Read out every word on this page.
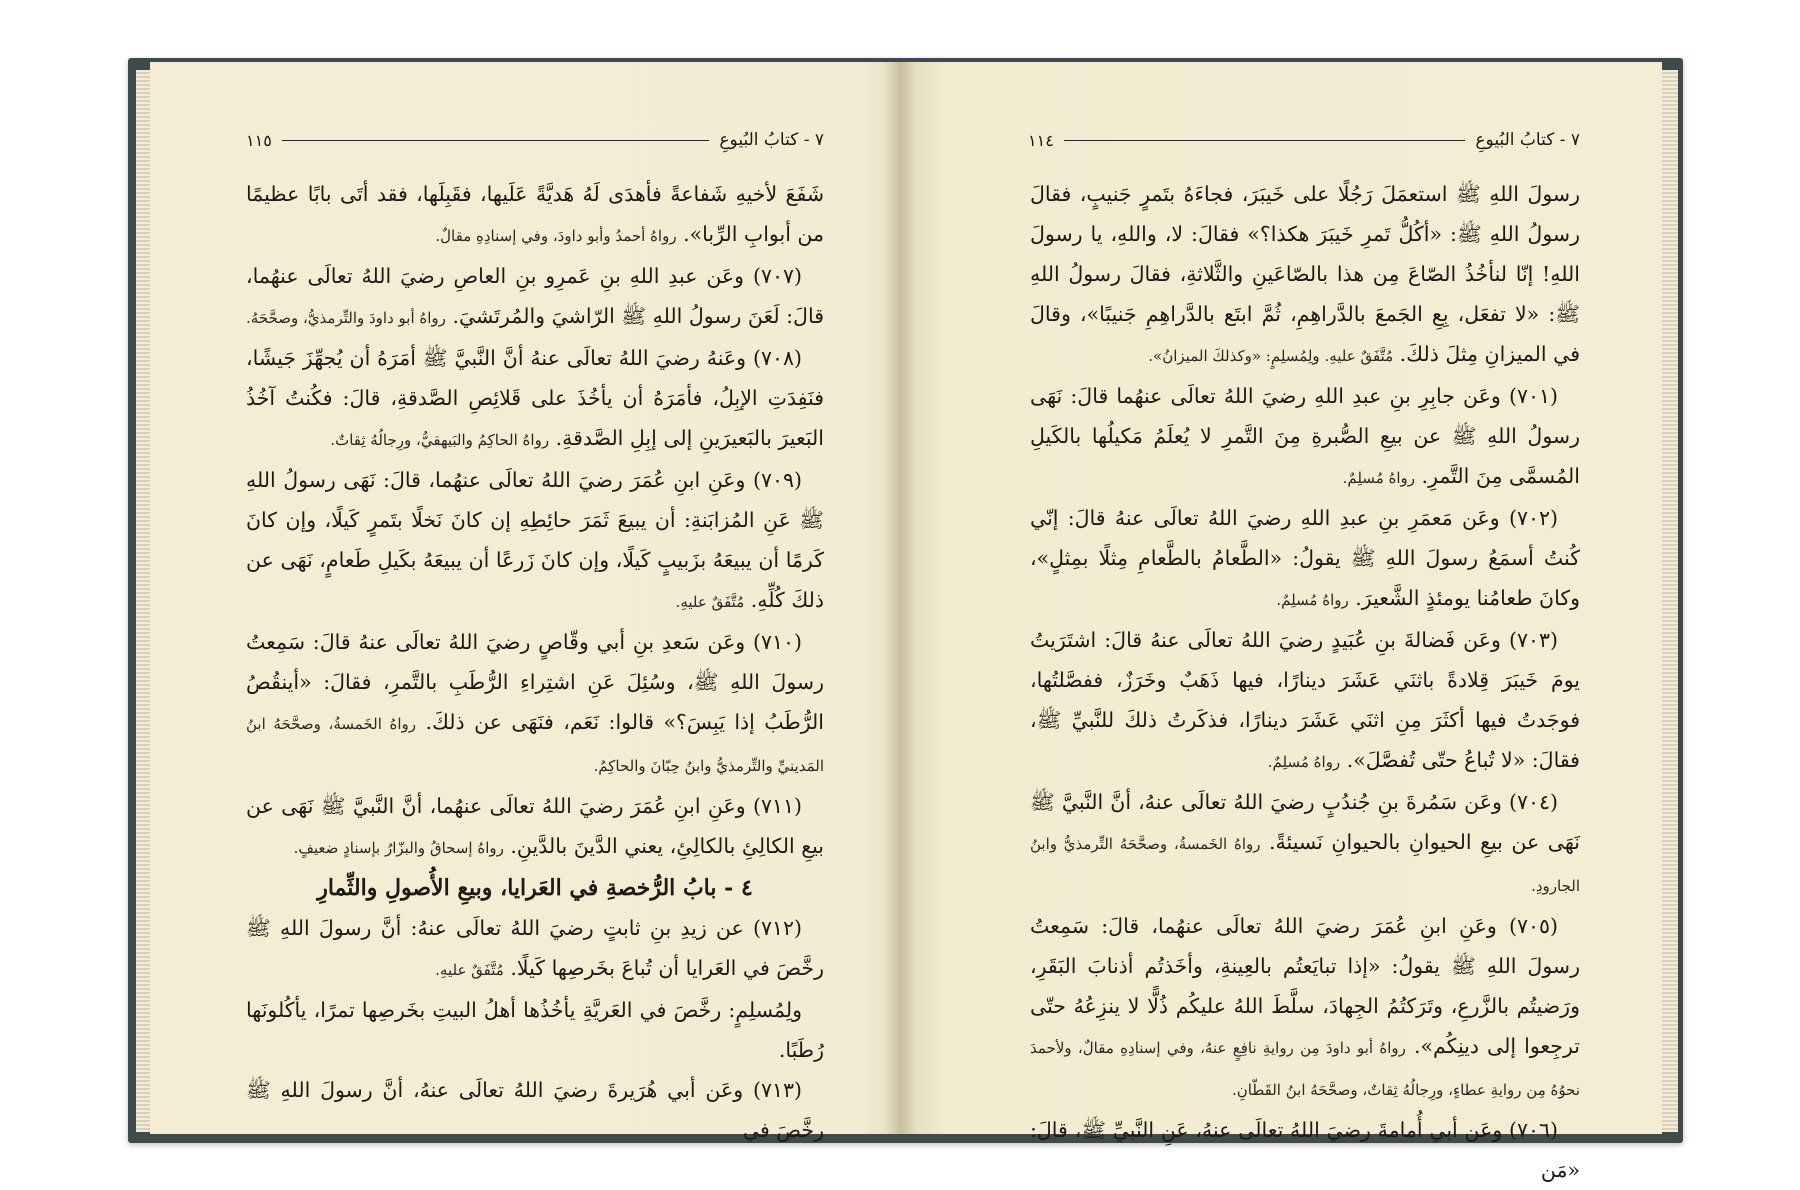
٧ - كتابُ البُيوعِ
١١٥

شَفَعَ لأخيهِ شَفاعةً فأهدَى لَهُ هَديَّةً عَلَيها، فقَبِلَها، فقد أتَى بابًا عظيمًا من أبوابِ الرِّبا». رواهُ أحمدُ وأبو داودَ، وفي إسنادِهِ مقالٌ.

(٧٠٧) وعَن عبدِ اللهِ بنِ عَمرِو بنِ العاصِ رضيَ اللهُ تعالَى عنهُما، قالَ: لَعَنَ رسولُ اللهِ ﷺ الرّاشيَ والمُرتَشيَ. رواهُ أبو داودَ والتِّرمذيُّ، وصحَّحَهُ.

(٧٠٨) وعَنهُ رضيَ اللهُ تعالَى عنهُ أنَّ النَّبيَّ ﷺ أمَرَهُ أن يُجهِّزَ جَيشًا، فنَفِدَتِ الإبِلُ، فأمَرَهُ أن يأخُذَ على قَلائِصِ الصَّدقةِ، قالَ: فكُنتُ آخُذُ البَعيرَ بالبَعيرَينِ إلى إبِلِ الصَّدقةِ. رواهُ الحاكِمُ والبَيهقيُّ، ورِجالُهُ ثِقاتٌ.

(٧٠٩) وعَنِ ابنِ عُمَرَ رضيَ اللهُ تعالَى عنهُما، قالَ: نَهَى رسولُ اللهِ ﷺ عَنِ المُزابَنةِ: أن يبيعَ ثَمَرَ حائِطِهِ إن كانَ نَخلًا بتَمرٍ كَيلًا، وإن كانَ كَرمًا أن يبيعَهُ بزَبيبٍ كَيلًا، وإن كانَ زَرعًا أن يبيعَهُ بكَيلِ طَعامٍ، نَهَى عن ذلكَ كُلِّهِ. مُتَّفَقٌ عليهِ.

(٧١٠) وعَن سَعدِ بنِ أبي وقّاصٍ رضيَ اللهُ تعالَى عنهُ قالَ: سَمِعتُ رسولَ اللهِ ﷺ، وسُئِلَ عَنِ اشتِراءِ الرُّطَبِ بالتَّمرِ، فقالَ: «أينقُصُ الرُّطَبُ إذا يَبِسَ؟» قالوا: نَعَم، فنَهَى عن ذلكَ. رواهُ الخَمسةُ، وصحَّحَهُ ابنُ المَدينيِّ والتِّرمذيُّ وابنُ حِبّانَ والحاكِمُ.

(٧١١) وعَنِ ابنِ عُمَرَ رضيَ اللهُ تعالَى عنهُما، أنَّ النَّبيَّ ﷺ نَهَى عن بيعِ الكالِئِ بالكالِئِ، يعني الدَّينَ بالدَّينِ. رواهُ إسحاقُ والبزّارُ بإسنادٍ ضعيفٍ.

٤ - بابُ الرُّخصةِ في العَرايا، وبيعِ الأُصولِ والثِّمارِ

(٧١٢) عن زيدِ بنِ ثابتٍ رضيَ اللهُ تعالَى عنهُ: أنَّ رسولَ اللهِ ﷺ رخَّصَ في العَرايا أن تُباعَ بخَرصِها كَيلًا. مُتَّفَقٌ عليهِ.

ولِمُسلِمٍ: رخَّصَ في العَريَّةِ يأخُذُها أهلُ البيتِ بخَرصِها تمرًا، يأكُلونَها رُطَبًا.

(٧١٣) وعَن أبي هُرَيرةَ رضيَ اللهُ تعالَى عنهُ، أنَّ رسولَ اللهِ ﷺ رخَّصَ في

٧ - كتابُ البُيوعِ
١١٤

رسولَ اللهِ ﷺ استعمَلَ رَجُلًا على خَيبَرَ، فجاءَهُ بتَمرٍ جَنيبٍ، فقالَ رسولُ اللهِ ﷺ: «أكُلُّ تَمرِ خَيبَرَ هكذا؟» فقالَ: لا، واللهِ، يا رسولَ اللهِ! إنّا لنأخُذُ الصّاعَ مِن هذا بالصّاعَينِ والثَّلاثةِ، فقالَ رسولُ اللهِ ﷺ: «لا تفعَل، بِعِ الجَمعَ بالدَّراهِمِ، ثُمَّ ابتَع بالدَّراهِمِ جَنيبًا»، وقالَ في الميزانِ مِثلَ ذلكَ. مُتَّفَقٌ عليهِ. ولِمُسلِمٍ: «وكذلكَ الميزانُ».

(٧٠١) وعَن جابِرِ بنِ عبدِ اللهِ رضيَ اللهُ تعالَى عنهُما قالَ: نَهَى رسولُ اللهِ ﷺ عن بيعِ الصُّبرةِ مِنَ التَّمرِ لا يُعلَمُ مَكيلُها بالكَيلِ المُسمَّى مِنَ التَّمرِ. رواهُ مُسلِمٌ.

(٧٠٢) وعَن مَعمَرِ بنِ عبدِ اللهِ رضيَ اللهُ تعالَى عنهُ قالَ: إنّي كُنتُ أسمَعُ رسولَ اللهِ ﷺ يقولُ: «الطَّعامُ بالطَّعامِ مِثلًا بمِثلٍ»، وكانَ طعامُنا يومئذٍ الشَّعيرَ. رواهُ مُسلِمٌ.

(٧٠٣) وعَن فَضالةَ بنِ عُبَيدٍ رضيَ اللهُ تعالَى عنهُ قالَ: اشتَرَيتُ يومَ خَيبَرَ قِلادةً باثنَي عَشَرَ دينارًا، فيها ذَهَبٌ وخَرَزٌ، ففصَّلتُها، فوجَدتُ فيها أكثَرَ مِنِ اثنَي عَشَرَ دينارًا، فذكَرتُ ذلكَ للنَّبيِّ ﷺ، فقالَ: «لا تُباعُ حتّى تُفصَّلَ». رواهُ مُسلِمٌ.

(٧٠٤) وعَن سَمُرةَ بنِ جُندُبٍ رضيَ اللهُ تعالَى عنهُ، أنَّ النَّبيَّ ﷺ نَهَى عن بيعِ الحيوانِ بالحيوانِ نَسيئةً. رواهُ الخَمسةُ، وصحَّحَهُ التِّرمذيُّ وابنُ الجارودِ.

(٧٠٥) وعَنِ ابنِ عُمَرَ رضيَ اللهُ تعالَى عنهُما، قالَ: سَمِعتُ رسولَ اللهِ ﷺ يقولُ: «إذا تبايَعتُم بالعِينةِ، وأخَذتُم أذنابَ البَقَرِ، ورَضيتُم بالزَّرعِ، وتَرَكتُمُ الجِهادَ، سلَّطَ اللهُ عليكُم ذُلًّا لا ينزِعُهُ حتّى ترجِعوا إلى دينِكُم». رواهُ أبو داودَ مِن روايةِ نافِعٍ عنهُ، وفي إسنادِهِ مقالٌ، ولأحمدَ نحوُهُ مِن روايةِ عطاءٍ، ورِجالُهُ ثِقاتٌ، وصحَّحَهُ ابنُ القَطّانِ.

(٧٠٦) وعَن أبي أُمامةَ رضيَ اللهُ تعالَى عنهُ، عَنِ النَّبيِّ ﷺ، قالَ: «مَن
